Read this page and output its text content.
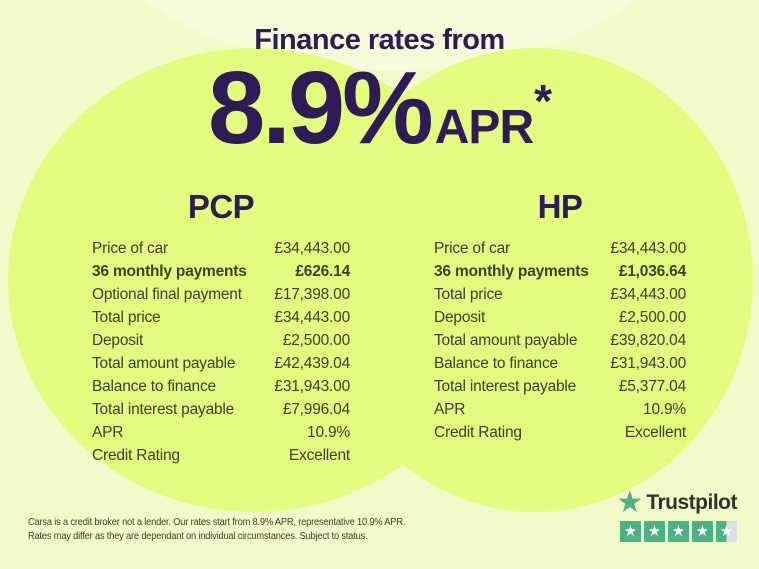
Finance rates from
8.9%APR*
PCP
Price of car	£34,443.00
36 monthly payments	£626.14
Optional final payment £17,398.00
Total price	£34,443.00
Deposit	£2,500.00
Total amount payable	£42,439.04
Balance to finance	£31,943.00
Total interest payable	£7,996.04
APR	10.9%
Credit Rating	Excellent
HP
Price of car	£34,443.00
36 monthly payments £1,036.64
Total price	£34,443.00
Deposit	£2,500.00
Total amount payable £39,820.04
Balance to finance	£31,943.00
Total interest payable	£5,377.04
APR	10.9%
Credit Rating	Excellent
Carsa is a credit broker not a lender. Our rates start from 8.9% APR, representative 10.9% APR.
Rates may differ as they are dependant on individual circumstances. Subject to status.
★ Trustpilot
★ ★ ★ ★ ★
